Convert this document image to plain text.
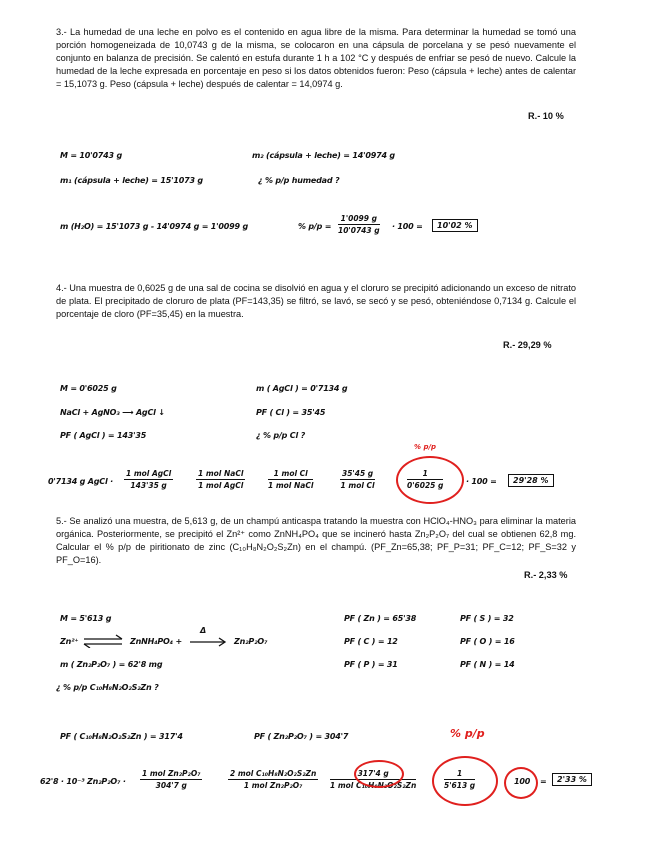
3.- La humedad de una leche en polvo es el contenido en agua libre de la misma. Para determinar la humedad se tomó una porción homogeneizada de 10,0743 g de la misma, se colocaron en una cápsula de porcelana y se pesó nuevamente el conjunto en balanza de precisión. Se calentó en estufa durante 1 h a 102 °C y después de enfriar se pesó de nuevo. Calcule la humedad de la leche expresada en porcentaje en peso si los datos obtenidos fueron: Peso (cápsula + leche) antes de calentar = 15,1073 g. Peso (cápsula + leche) después de calentar = 14,0974 g.
R.- 10 %
M = 10'0743 g	m₂ (cápsula + leche) = 14'0974 g
m₁ (cápsula + leche) = 15'1073 g	¿ % p/p humedad ?
m (H₂O) = 15'1073 g - 14'0974 g = 1'0099 g	% $p/p = \frac{1'0099 g}{10'0743 g} \cdot 100$ =	10'02 %
4.- Una muestra de 0,6025 g de una sal de cocina se disolvió en agua y el cloruro se precipitó adicionando un exceso de nitrato de plata. El precipitado de cloruro de plata (PF=143,35) se filtró, se lavó, se secó y se pesó, obteniéndose 0,7134 g. Calcule el porcentaje de cloro (PF=35,45) en la muestra.
R.- 29,29 %
M = 0'6025 g	m ( AgCl ) = 0'7134 g
NaCl + AgNO₃ ⟶ AgCl ↓	PF ( Cl ) = 35'45
PF ( AgCl ) = 143'35	¿ % p/p Cl ?
% p/p
0'7134 g AgCl ·
1 mol AgCl
143'35 g
1 mol NaCl
1 mol AgCl
1 mol Cl
1 mol NaCl
35'45 g
1 mol Cl	$\frac{1}{0'6025 g}$	· 100 =	29'28 %
5.- Se analizó una muestra, de 5,613 g, de un champú anticaspa tratando la muestra con HClO₄-HNO₃ para eliminar la materia orgánica. Posteriormente, se precipitó el Zn²⁺ como ZnNH₄PO₄ que se incineró hasta Zn₂P₂O₇ del cual se obtienen 62,8 mg. Calcular el % p/p de piritionato de zinc (C₁₀H₈N₂O₂S₂Zn) en el champú. (PF_Zn=65,38; PF_P=31; PF_C=12; PF_S=32 y PF_O=16).
R.- 2,33 %
M = 5'613 g	PF ( Zn ) = 65'38	PF ( S ) = 32
Zn²⁺	ZnNH₄PO₄ +
Δ
Zn₂P₂O₇	PF ( C ) = 12	PF ( O ) = 16
m ( Zn₂P₂O₇ ) = 62'8 mg	PF ( P ) = 31	PF ( N ) = 14
¿ % p/p C₁₀H₈N₂O₂S₂Zn ?
PF ( C₁₀H₈N₂O₂S₂Zn ) = 317'4	PF ( Zn₂P₂O₇ ) = 304'7	% p/p
62'8 · 10⁻³ Zn₂P₂O₇ ·
1 mol Zn₂P₂O₇
304'7 g
2 mol C₁₀H₈N₂O₂S₂Zn
1 mol Zn₂P₂O₇
317'4 g
1 mol C₁₀H₈N₂O₂S₂Zn	$\frac{1}{5'613 g}$	100 =	2'33 %
